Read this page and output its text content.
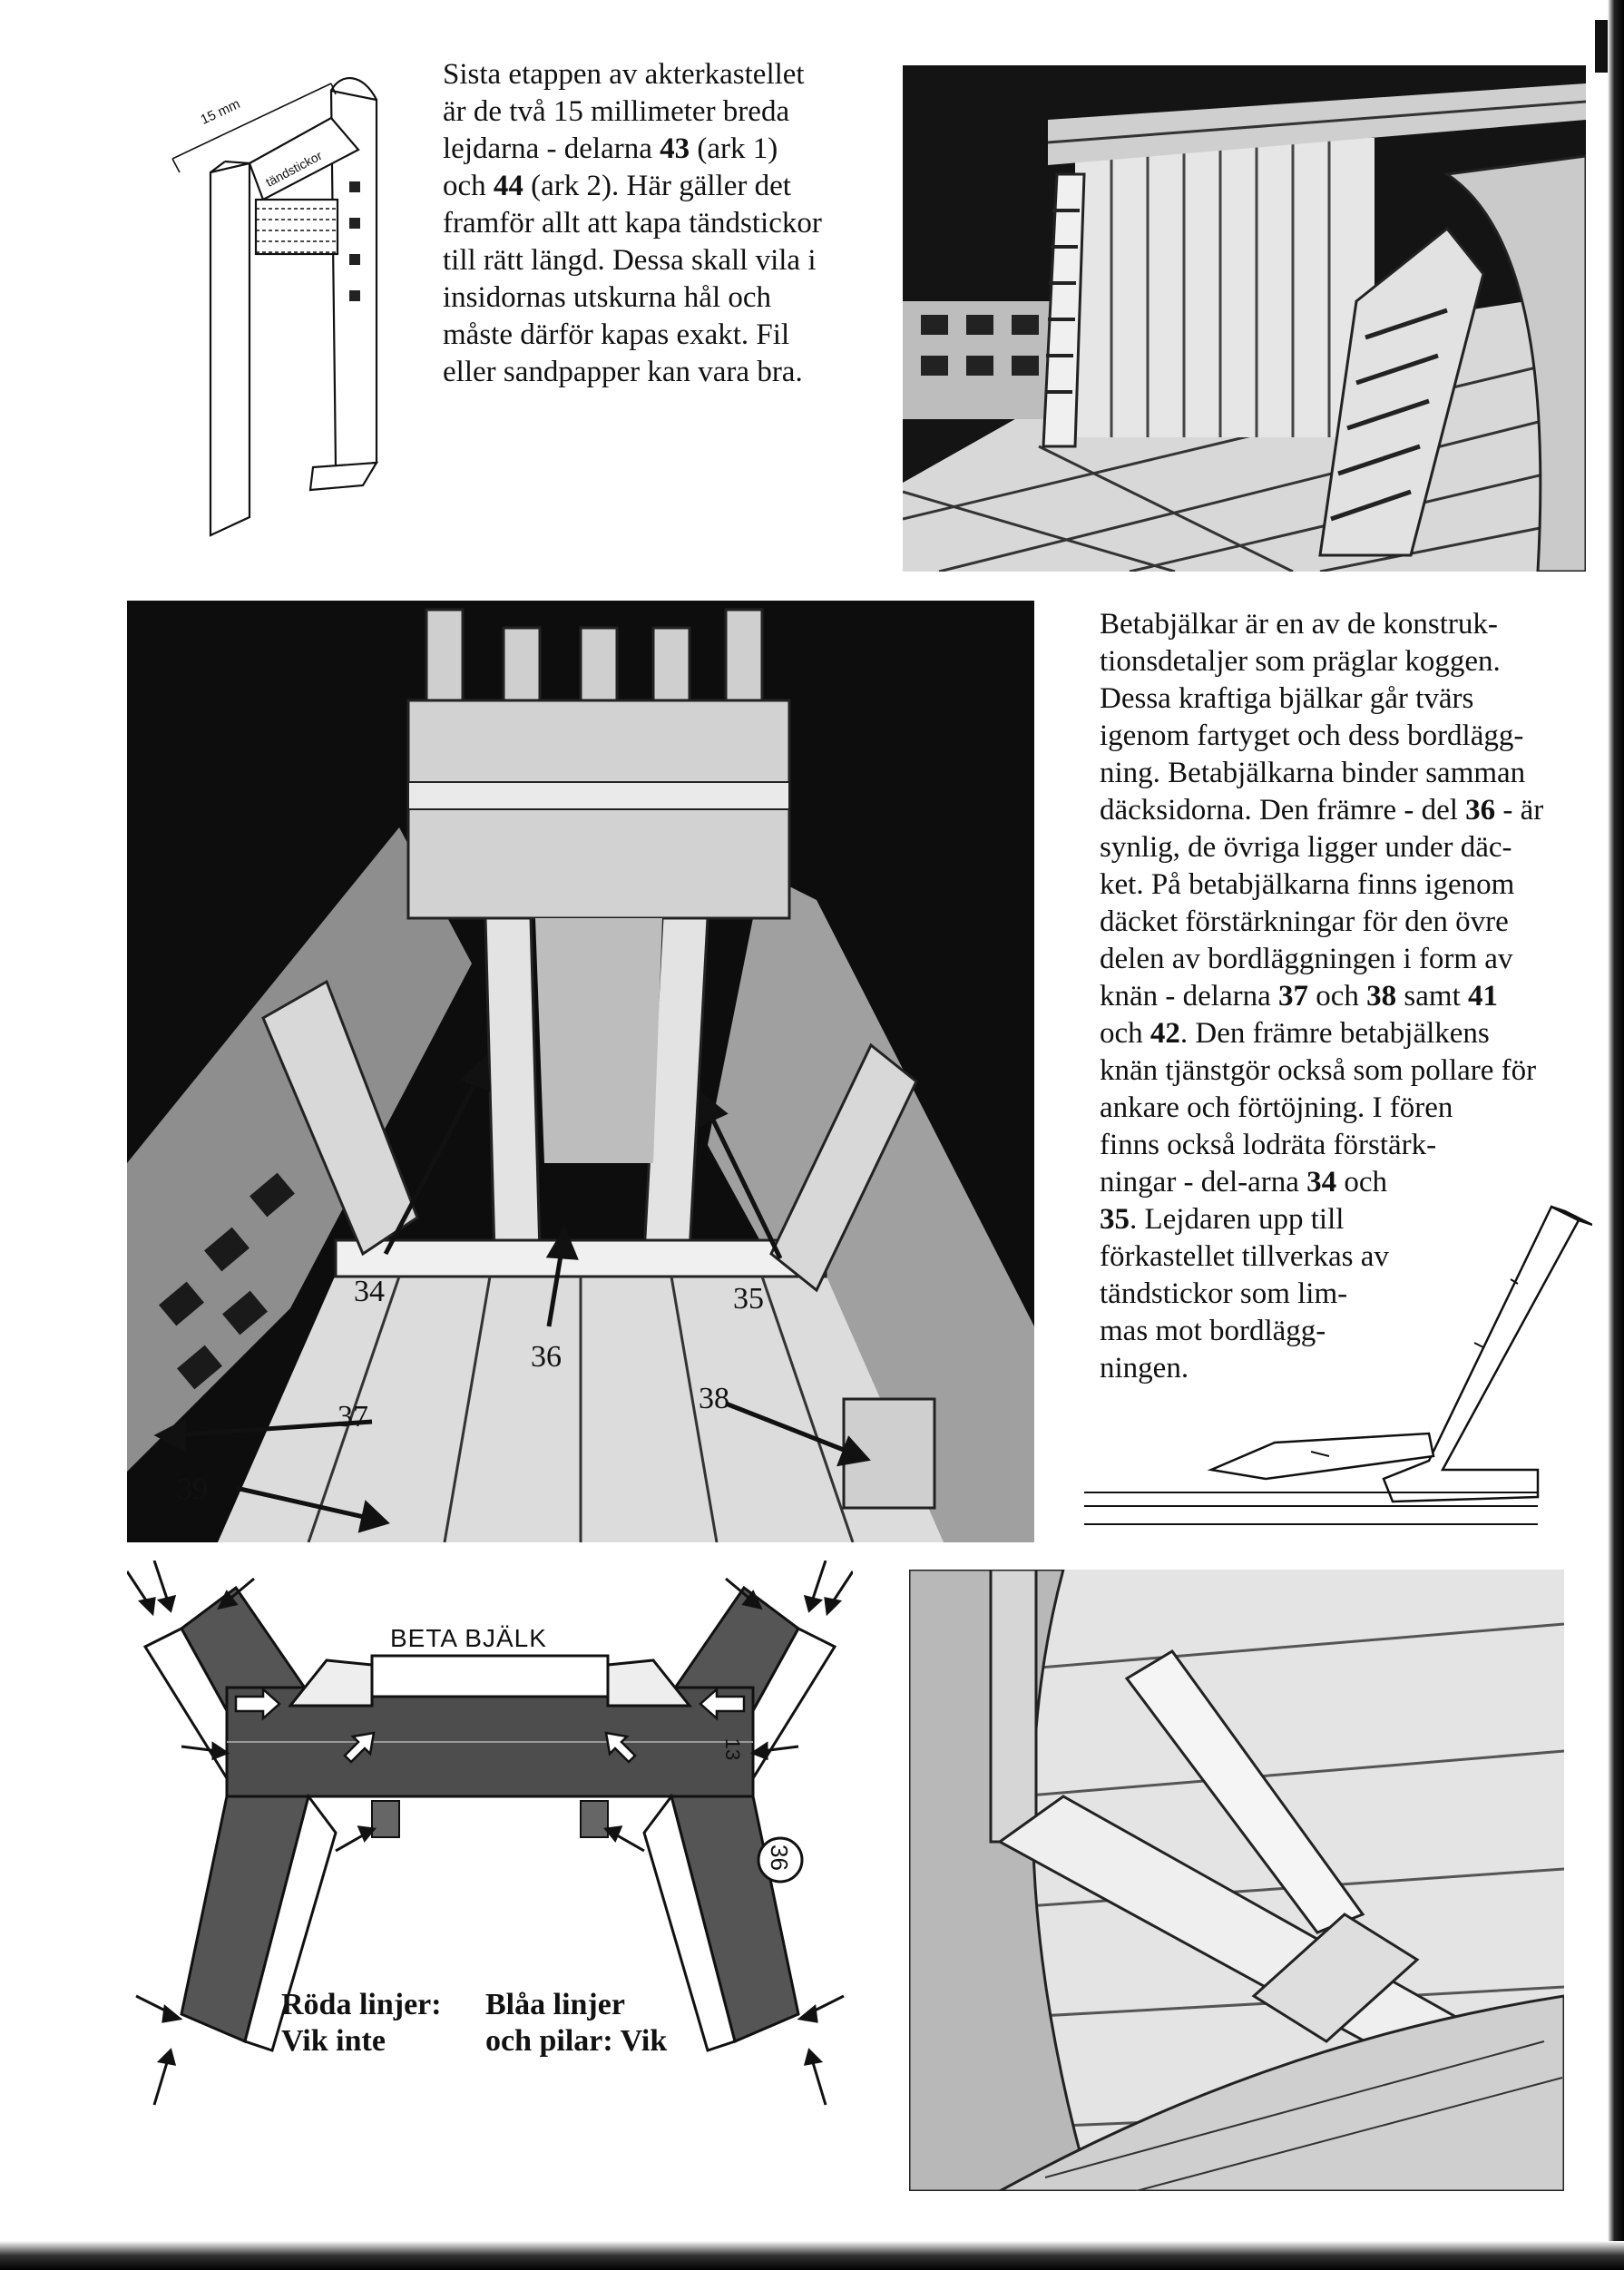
15 mm
tändstickor

Sista etappen av akterkastellet

är de två 15 millimeter breda

lejdarna - delarna 43 (ark 1)

och 44 (ark 2). Här gäller det

framför allt att kapa tändstickor

till rätt längd. Dessa skall vila i

insidornas utskurna hål och

måste därför kapas exakt. Fil

eller sandpapper kan vara bra.

34	35
36
37
38
39

Betabjälkar är en av de konstruk-

tionsdetaljer som präglar koggen.

Dessa kraftiga bjälkar går tvärs

igenom fartyget och dess bordlägg-

ning. Betabjälkarna binder samman

däcksidorna. Den främre - del 36 - är

synlig, de övriga ligger under däc-

ket. På betabjälkarna finns igenom

däcket förstärkningar för den övre

delen av bordläggningen i form av

knän - delarna 37 och 38 samt 41

och 42. Den främre betabjälkens

knän tjänstgör också som pollare för

ankare och förtöjning. I fören

finns också lodräta förstärk-

ningar - del-arna 34 och

35. Lejdaren upp till

förkastellet tillverkas av

tändstickor som lim-

mas mot bordlägg-

ningen.

BETA BJÄLK
13
36
Röda linjer:
Vik inte
Blåa linjer
och pilar: Vik
